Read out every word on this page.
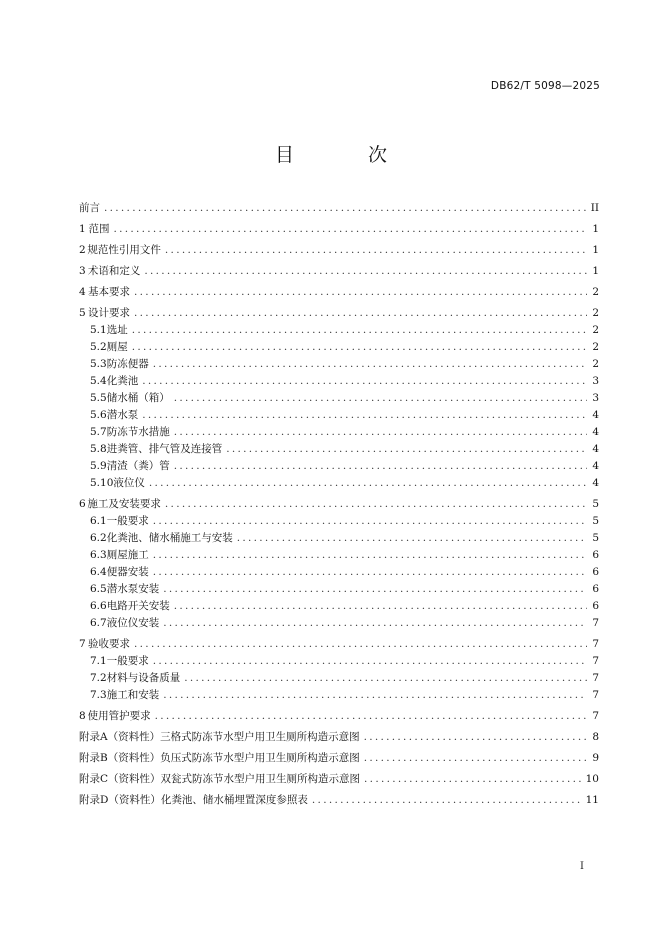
DB62/T 5098—2025
目 次
前言 .....	II
1 范围 .....	1
2 规范性引用文件 .....	1
3 术语和定义 .....	1
4 基本要求 .....	2
5 设计要求 .....	2
5.1 选址 .....	2
5.2 厕屋 .....	2
5.3 防冻便器 .....	2
5.4 化粪池 .....	3
5.5 储水桶（箱） .....	3
5.6 潜水泵 .....	4
5.7 防冻节水措施 .....	4
5.8 进粪管、排气管及连接管 .....	4
5.9 清渣（粪）管 .....	4
5.10 液位仪 .....	4
6 施工及安装要求 .....	5
6.1 一般要求 .....	5
6.2 化粪池、储水桶施工与安装 .....	5
6.3 厕屋施工 .....	6
6.4 便器安装 .....	6
6.5 潜水泵安装 .....	6
6.6 电路开关安装 .....	6
6.7 液位仪安装 .....	7
7 验收要求 .....	7
7.1 一般要求 .....	7
7.2 材料与设备质量 .....	7
7.3 施工和安装 .....	7
8 使用管护要求 .....	7
附录A（资料性） 三格式防冻节水型户用卫生厕所构造示意图 .....	8
附录B（资料性） 负压式防冻节水型户用卫生厕所构造示意图 .....	9
附录C（资料性） 双瓮式防冻节水型户用卫生厕所构造示意图 .....	10
附录D（资料性） 化粪池、储水桶埋置深度参照表 .....	11
I
